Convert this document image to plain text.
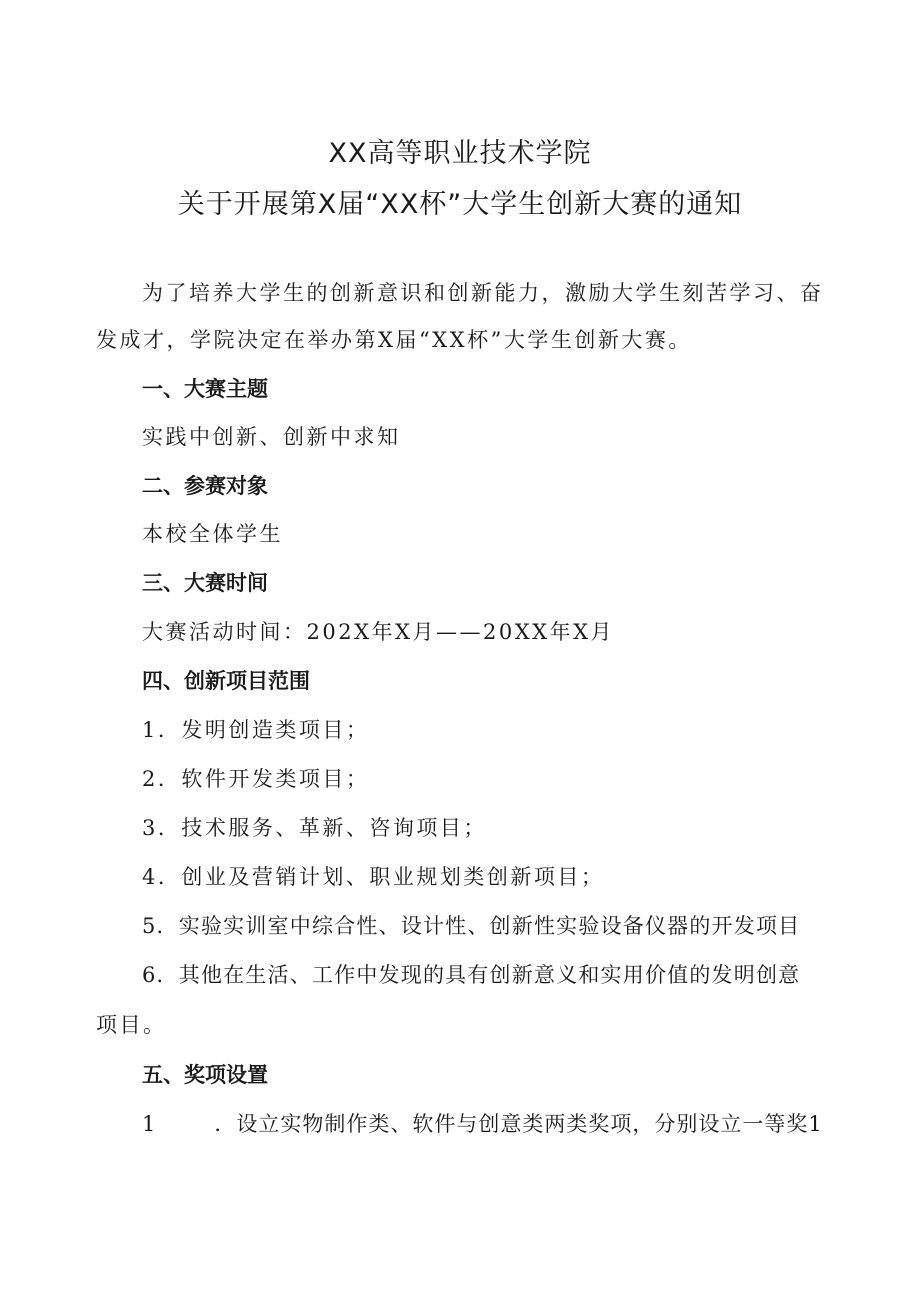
XX高等职业技术学院
关于开展第X届“XX杯”大学生创新大赛的通知
为了培养大学生的创新意识和创新能力，激励大学生刻苦学习、奋
发成才，学院决定在举办第X届“XX杯”大学生创新大赛。
一、大赛主题
实践中创新、创新中求知
二、参赛对象
本校全体学生
三、大赛时间
大赛活动时间：202X年X月——20XX年X月
四、创新项目范围
1．发明创造类项目；
2．软件开发类项目；
3．技术服务、革新、咨询项目；
4．创业及营销计划、职业规划类创新项目；
5．实验实训室中综合性、设计性、创新性实验设备仪器的开发项目
6．其他在生活、工作中发现的具有创新意义和实用价值的发明创意
项目。
五、奖项设置
1	．设立实物制作类、软件与创意类两类奖项，分别设立一等奖1
